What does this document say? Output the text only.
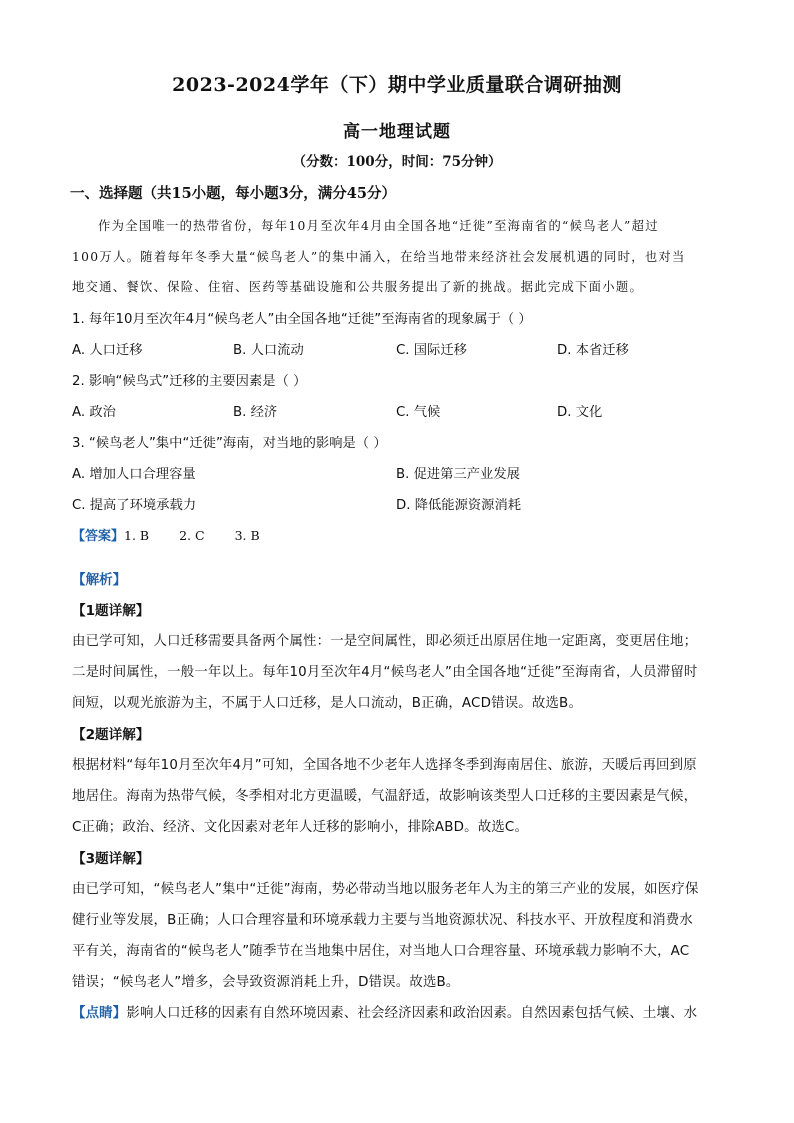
2023-2024学年（下）期中学业质量联合调研抽测
高一地理试题
（分数：100分，时间：75分钟）
一、选择题（共15小题，每小题3分，满分45分）
作为全国唯一的热带省份，每年10月至次年4月由全国各地“迁徙”至海南省的“候鸟老人”超过
100万人。随着每年冬季大量“候鸟老人”的集中涌入，在给当地带来经济社会发展机遇的同时，也对当
地交通、餐饮、保险、住宿、医药等基础设施和公共服务提出了新的挑战。据此完成下面小题。
1. 每年10月至次年4月“候鸟老人”由全国各地“迁徙”至海南省的现象属于（ ）
A. 人口迁移	B. 人口流动	C. 国际迁移	D. 本省迁移
2. 影响“候鸟式”迁移的主要因素是（ ）
A. 政治	B. 经济	C. 气候	D. 文化
3. “候鸟老人”集中“迁徙”海南，对当地的影响是（ ）
A. 增加人口合理容量	B. 促进第三产业发展
C. 提高了环境承载力	D. 降低能源资源消耗
【答案】1. B 2. C 3. B
【解析】
【1题详解】
由已学可知，人口迁移需要具备两个属性：一是空间属性，即必须迁出原居住地一定距离，变更居住地；
二是时间属性，一般一年以上。每年10月至次年4月“候鸟老人”由全国各地“迁徙”至海南省，人员滞留时
间短，以观光旅游为主，不属于人口迁移，是人口流动，B正确，ACD错误。故选B。
【2题详解】
根据材料“每年10月至次年4月”可知，全国各地不少老年人选择冬季到海南居住、旅游，天暖后再回到原
地居住。海南为热带气候，冬季相对北方更温暖，气温舒适，故影响该类型人口迁移的主要因素是气候，
C正确；政治、经济、文化因素对老年人迁移的影响小，排除ABD。故选C。
【3题详解】
由已学可知，“候鸟老人”集中“迁徙”海南，势必带动当地以服务老年人为主的第三产业的发展，如医疗保
健行业等发展，B正确；人口合理容量和环境承载力主要与当地资源状况、科技水平、开放程度和消费水
平有关，海南省的“候鸟老人”随季节在当地集中居住，对当地人口合理容量、环境承载力影响不大，AC
错误；“候鸟老人”增多，会导致资源消耗上升，D错误。故选B。
【点睛】影响人口迁移的因素有自然环境因素、社会经济因素和政治因素。自然因素包括气候、土壤、水
